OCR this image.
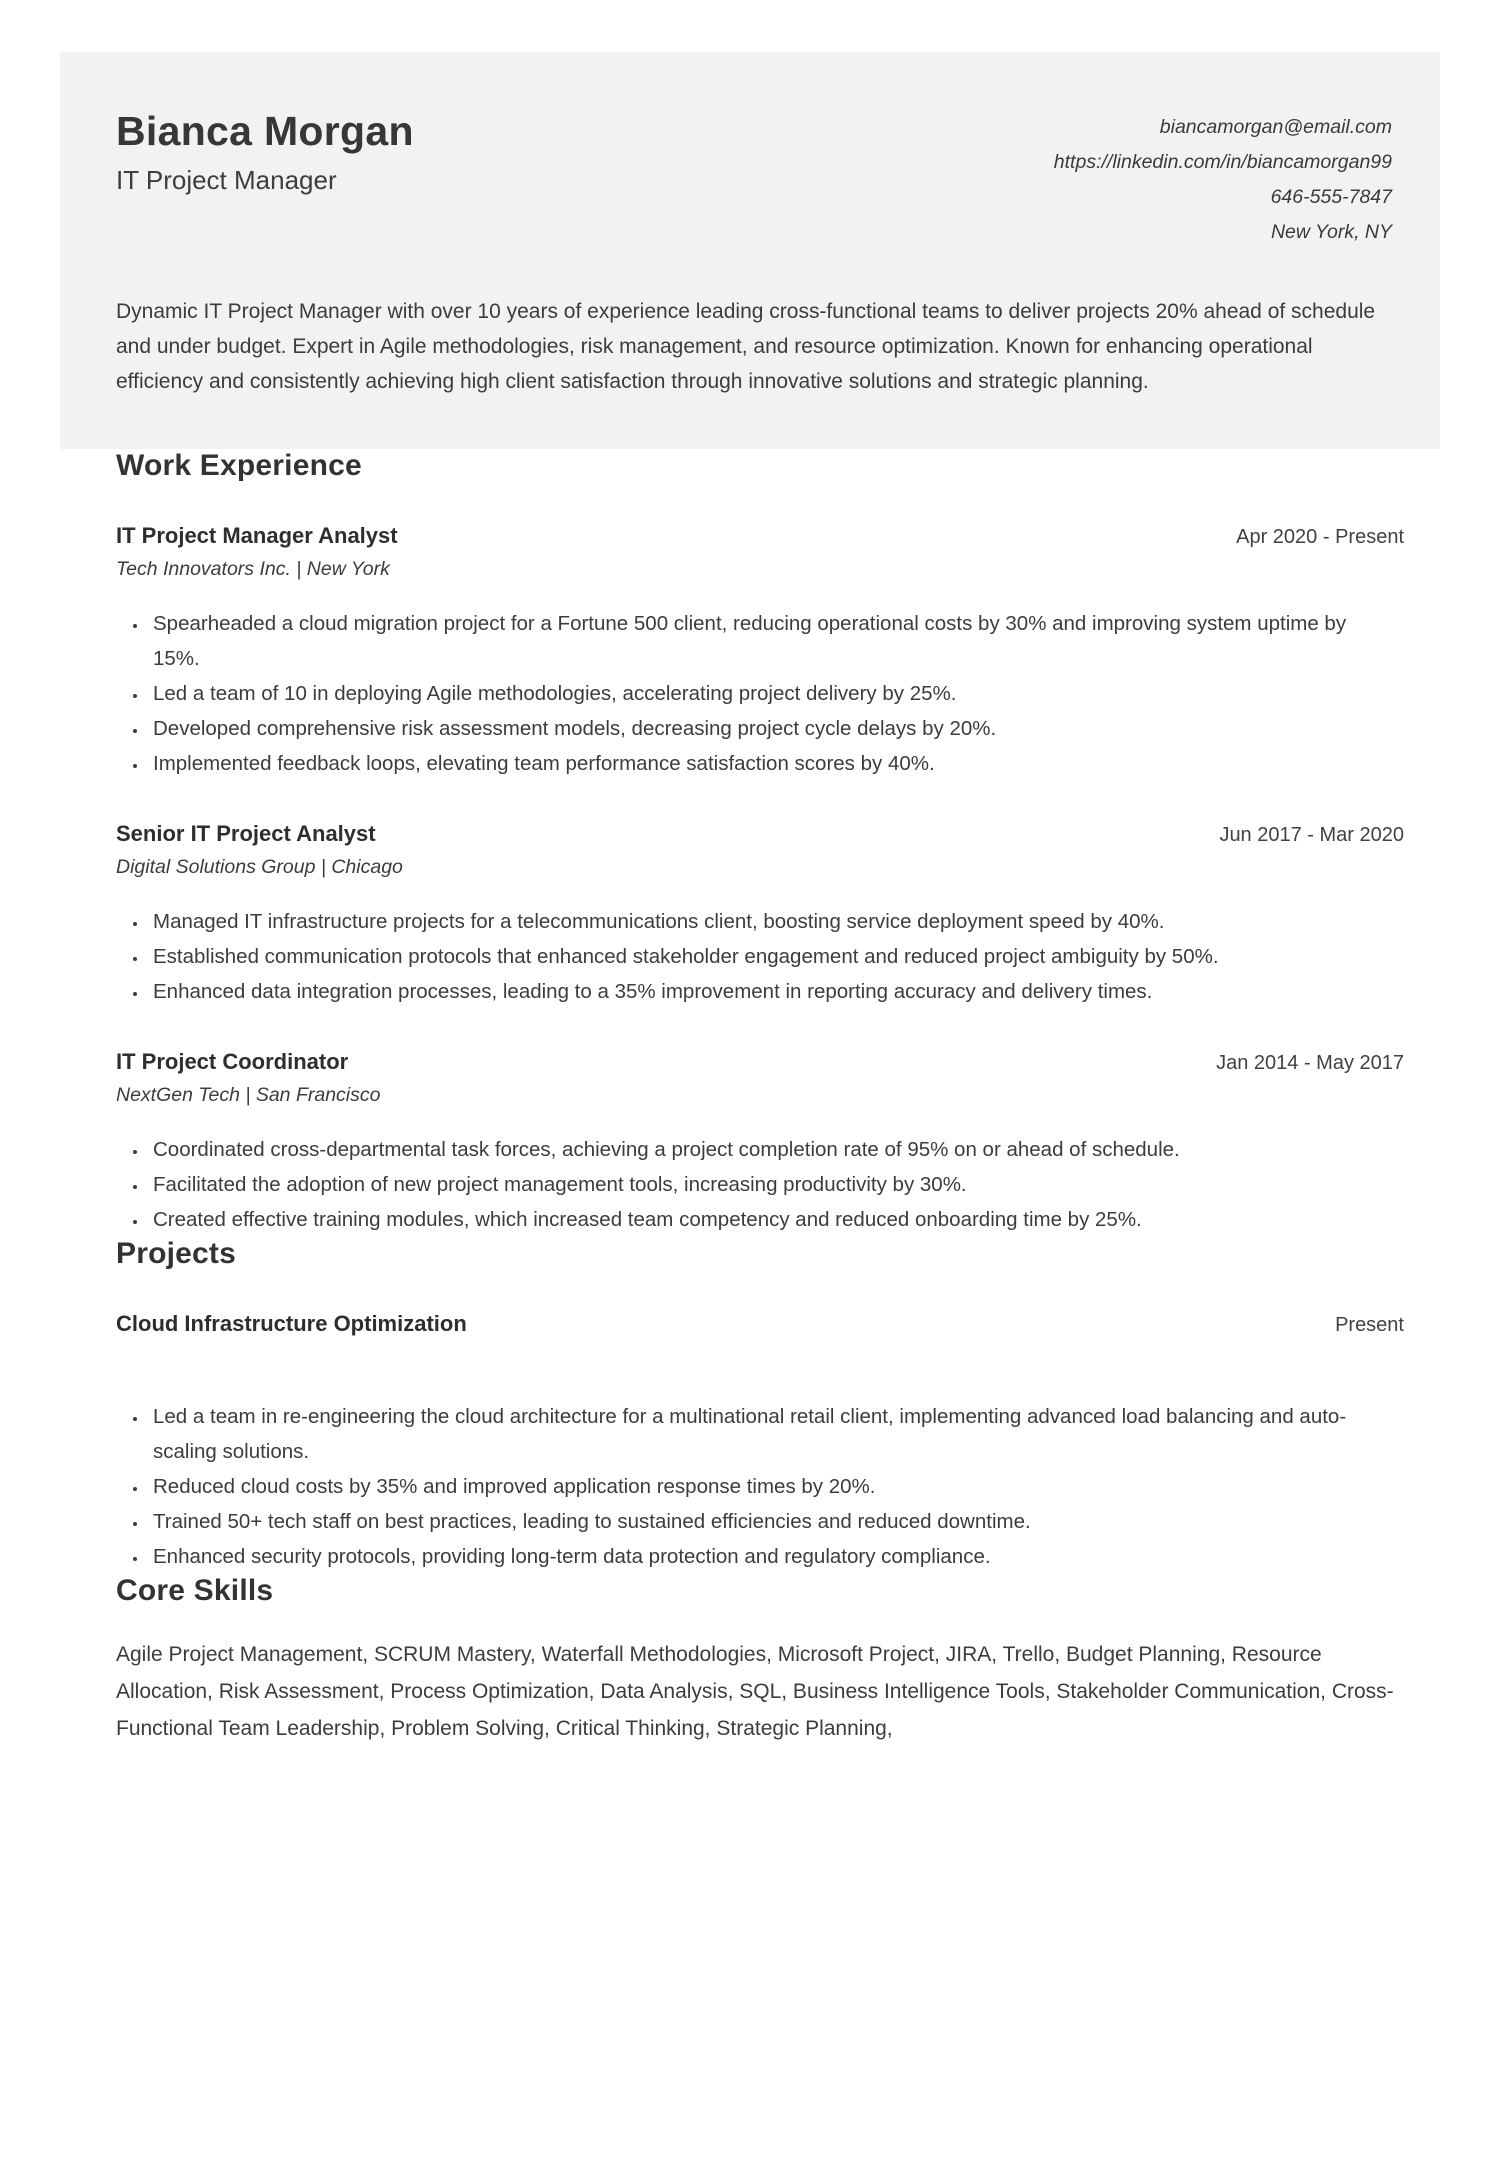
Bianca Morgan
IT Project Manager
biancamorgan@email.com
https://linkedin.com/in/biancamorgan99
646-555-7847
New York, NY

Dynamic IT Project Manager with over 10 years of experience leading cross-functional teams to deliver projects 20% ahead of schedule and under budget. Expert in Agile methodologies, risk management, and resource optimization. Known for enhancing operational efficiency and consistently achieving high client satisfaction through innovative solutions and strategic planning.

Work Experience
IT Project Manager Analyst	Apr 2020 - Present
Tech Innovators Inc. | New York
• Spearheaded a cloud migration project for a Fortune 500 client, reducing operational costs by 30% and improving system uptime by 15%.
• Led a team of 10 in deploying Agile methodologies, accelerating project delivery by 25%.
• Developed comprehensive risk assessment models, decreasing project cycle delays by 20%.
• Implemented feedback loops, elevating team performance satisfaction scores by 40%.
Senior IT Project Analyst	Jun 2017 - Mar 2020
Digital Solutions Group | Chicago
• Managed IT infrastructure projects for a telecommunications client, boosting service deployment speed by 40%.
• Established communication protocols that enhanced stakeholder engagement and reduced project ambiguity by 50%.
• Enhanced data integration processes, leading to a 35% improvement in reporting accuracy and delivery times.
IT Project Coordinator	Jan 2014 - May 2017
NextGen Tech | San Francisco
• Coordinated cross-departmental task forces, achieving a project completion rate of 95% on or ahead of schedule.
• Facilitated the adoption of new project management tools, increasing productivity by 30%.
• Created effective training modules, which increased team competency and reduced onboarding time by 25%.
Projects
Cloud Infrastructure Optimization	Present
• Led a team in re-engineering the cloud architecture for a multinational retail client, implementing advanced load balancing and auto-scaling solutions.
• Reduced cloud costs by 35% and improved application response times by 20%.
• Trained 50+ tech staff on best practices, leading to sustained efficiencies and reduced downtime.
• Enhanced security protocols, providing long-term data protection and regulatory compliance.
Core Skills

Agile Project Management, SCRUM Mastery, Waterfall Methodologies, Microsoft Project, JIRA, Trello, Budget Planning, Resource Allocation, Risk Assessment, Process Optimization, Data Analysis, SQL, Business Intelligence Tools, Stakeholder Communication, Cross-Functional Team Leadership, Problem Solving, Critical Thinking, Strategic Planning,
